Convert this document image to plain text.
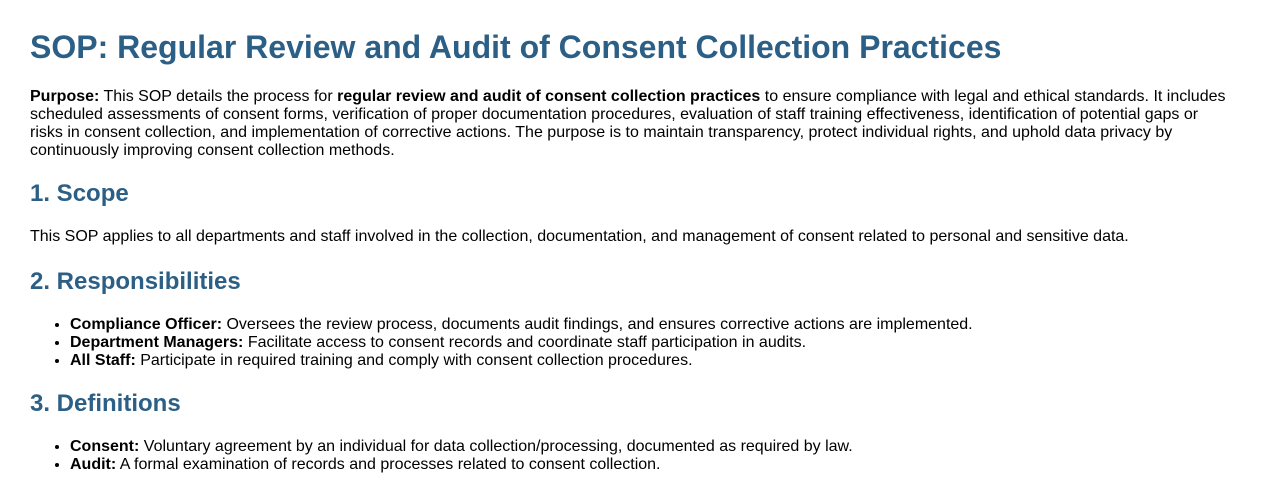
SOP: Regular Review and Audit of Consent Collection Practices

Purpose: This SOP details the process for regular review and audit of consent collection practices to ensure compliance with legal and ethical standards. It includes scheduled assessments of consent forms, verification of proper documentation procedures, evaluation of staff training effectiveness, identification of potential gaps or risks in consent collection, and implementation of corrective actions. The purpose is to maintain transparency, protect individual rights, and uphold data privacy by continuously improving consent collection methods.

1. Scope

This SOP applies to all departments and staff involved in the collection, documentation, and management of consent related to personal and sensitive data.

2. Responsibilities
• Compliance Officer: Oversees the review process, documents audit findings, and ensures corrective actions are implemented.
• Department Managers: Facilitate access to consent records and coordinate staff participation in audits.
• All Staff: Participate in required training and comply with consent collection procedures.
3. Definitions
• Consent: Voluntary agreement by an individual for data collection/processing, documented as required by law.
• Audit: A formal examination of records and processes related to consent collection.
